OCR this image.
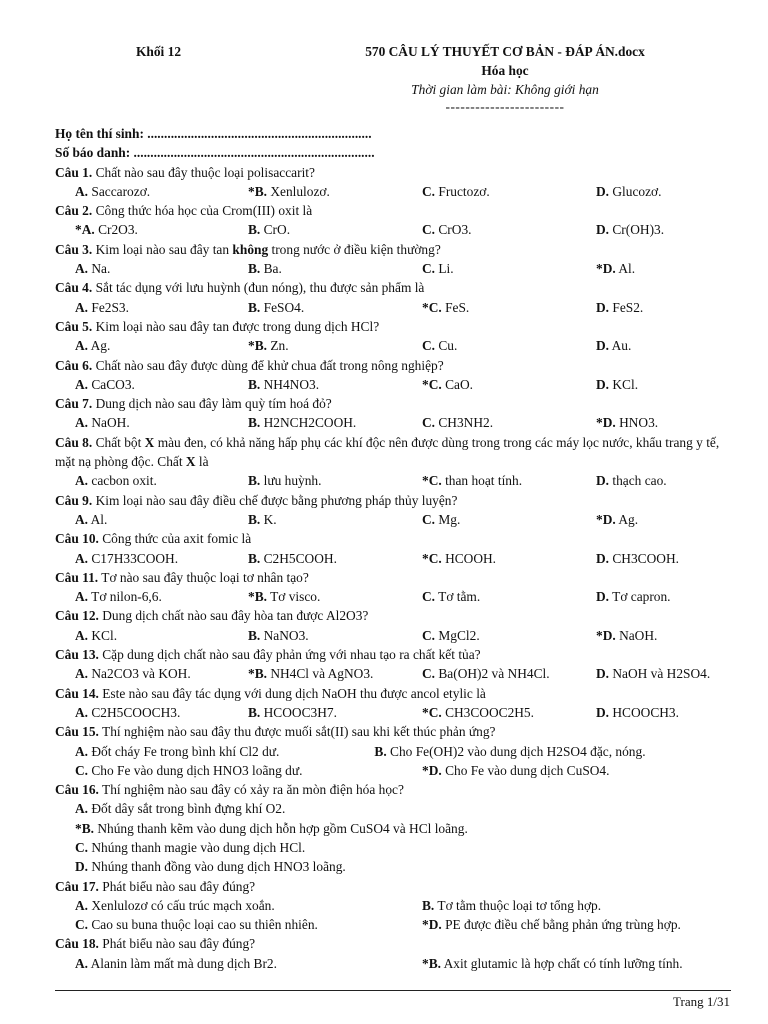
Khối 12	570 CÂU LÝ THUYẾT CƠ BẢN - ĐÁP ÁN.docx
Hóa học
Thời gian làm bài: Không giới hạn
------------------------
Họ tên thí sinh: ...................................................................
Số báo danh: ........................................................................
Câu 1. Chất nào sau đây thuộc loại polisaccarit?
A. Saccarozơ.	*B. Xenlulozơ.	C. Fructozơ.	D. Glucozơ.
Câu 2. Công thức hóa học của Crom(III) oxit là
*A. Cr2O3.	B. CrO.	C. CrO3.	D. Cr(OH)3.
Câu 3. Kim loại nào sau đây tan không trong nước ở điều kiện thường?
A. Na.	B. Ba.	C. Li.	*D. Al.
Câu 4. Sắt tác dụng với lưu huỳnh (đun nóng), thu được sản phẩm là
A. Fe2S3.	B. FeSO4.	*C. FeS.	D. FeS2.
Câu 5. Kim loại nào sau đây tan được trong dung dịch HCl?
A. Ag.	*B. Zn.	C. Cu.	D. Au.
Câu 6. Chất nào sau đây được dùng để khử chua đất trong nông nghiệp?
A. CaCO3.	B. NH4NO3.	*C. CaO.	D. KCl.
Câu 7. Dung dịch nào sau đây làm quỳ tím hoá đỏ?
A. NaOH.	B. H2NCH2COOH.	C. CH3NH2.	*D. HNO3.
Câu 8. Chất bột X màu đen, có khả năng hấp phụ các khí độc nên được dùng trong trong các máy lọc nước, khẩu trang y tế, mặt nạ phòng độc. Chất X là
A. cacbon oxit.	B. lưu huỳnh.	*C. than hoạt tính.	D. thạch cao.
Câu 9. Kim loại nào sau đây điều chế được bằng phương pháp thủy luyện?
A. Al.	B. K.	C. Mg.	*D. Ag.
Câu 10. Công thức của axit fomic là
A. C17H33COOH.	B. C2H5COOH.	*C. HCOOH.	D. CH3COOH.
Câu 11. Tơ nào sau đây thuộc loại tơ nhân tạo?
A. Tơ nilon-6,6.	*B. Tơ visco.	C. Tơ tằm.	D. Tơ capron.
Câu 12. Dung dịch chất nào sau đây hòa tan được Al2O3?
A. KCl.	B. NaNO3.	C. MgCl2.	*D. NaOH.
Câu 13. Cặp dung dịch chất nào sau đây phản ứng với nhau tạo ra chất kết tủa?
A. Na2CO3 và KOH.	*B. NH4Cl và AgNO3.	C. Ba(OH)2 và NH4Cl.	D. NaOH và H2SO4.
Câu 14. Este nào sau đây tác dụng với dung dịch NaOH thu được ancol etylic là
A. C2H5COOCH3.	B. HCOOC3H7.	*C. CH3COOC2H5.	D. HCOOCH3.
Câu 15. Thí nghiệm nào sau đây thu được muối sắt(II) sau khi kết thúc phản ứng?
A. Đốt cháy Fe trong bình khí Cl2 dư.	B. Cho Fe(OH)2 vào dung dịch H2SO4 đặc, nóng.
C. Cho Fe vào dung dịch HNO3 loãng dư.	*D. Cho Fe vào dung dịch CuSO4.
Câu 16. Thí nghiệm nào sau đây có xảy ra ăn mòn điện hóa học?
A. Đốt dây sắt trong bình đựng khí O2.
*B. Nhúng thanh kẽm vào dung dịch hỗn hợp gồm CuSO4 và HCl loãng.
C. Nhúng thanh magie vào dung dịch HCl.
D. Nhúng thanh đồng vào dung dịch HNO3 loãng.
Câu 17. Phát biểu nào sau đây đúng?
A. Xenlulozơ có cấu trúc mạch xoắn.	B. Tơ tằm thuộc loại tơ tổng hợp.
C. Cao su buna thuộc loại cao su thiên nhiên.	*D. PE được điều chế bằng phản ứng trùng hợp.
Câu 18. Phát biểu nào sau đây đúng?
A. Alanin làm mất mà dung dịch Br2.	*B. Axit glutamic là hợp chất có tính lưỡng tính.
Trang 1/31
